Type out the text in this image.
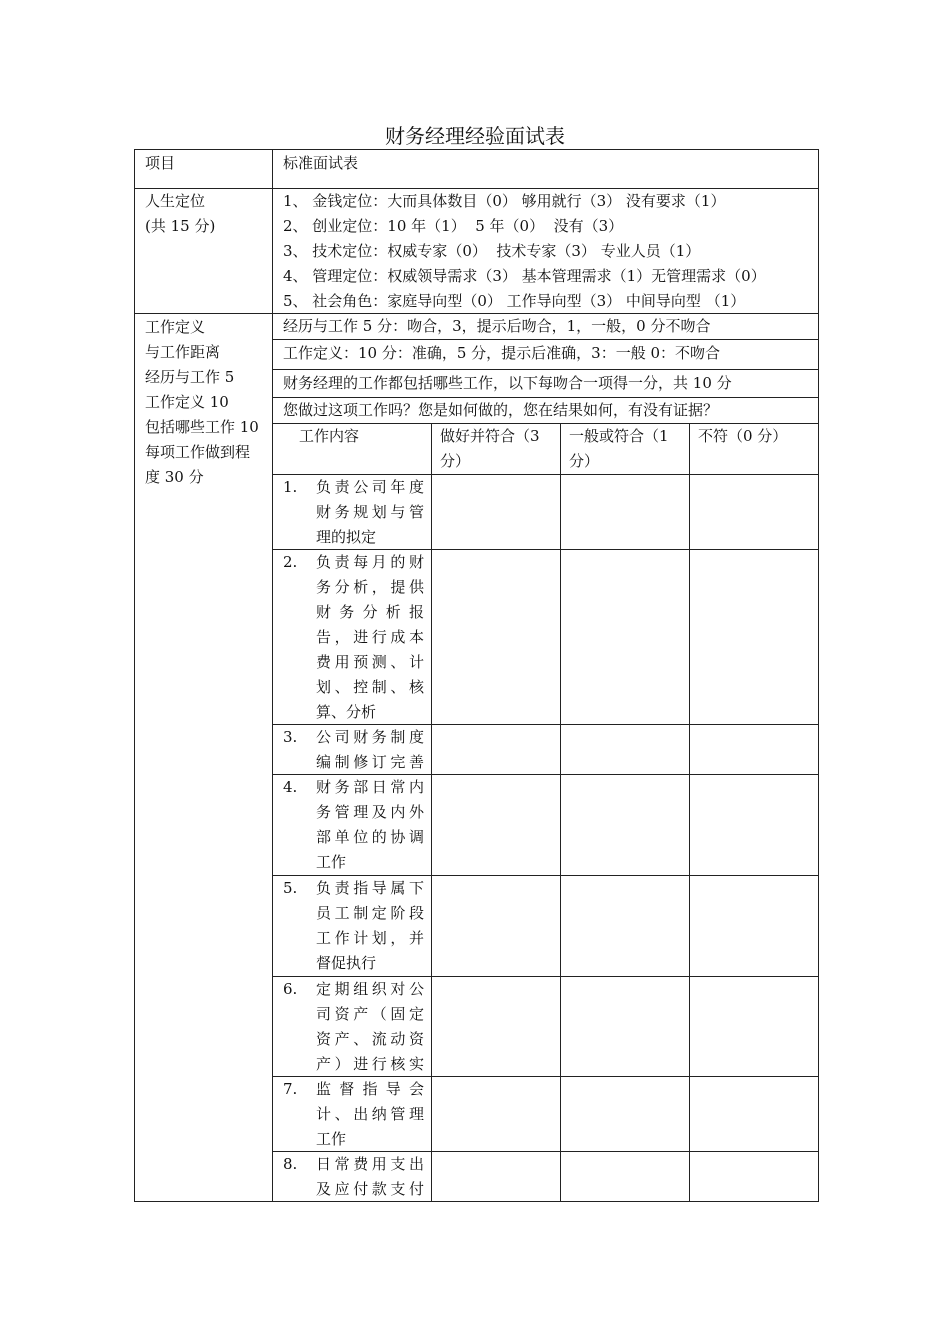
财务经理经验面试表
项目	标准面试表
人生定位
(共 15 分)
1、 金钱定位：大而具体数目（0） 够用就行（3） 没有要求（1）
2、 创业定位：10 年（1）  5 年（0）  没有（3）
3、 技术定位：权威专家（0）  技术专家（3） 专业人员（1）
4、 管理定位：权威领导需求（3） 基本管理需求（1）无管理需求（0）
5、 社会角色：家庭导向型（0） 工作导向型（3） 中间导向型 （1）
工作定义
与工作距离
经历与工作 5
工作定义 10
包括哪些工作 10
每项工作做到程
度 30 分
经历与工作 5 分：吻合，3，提示后吻合，1，一般，0 分不吻合
工作定义：10 分：准确，5 分，提示后准确，3：一般 0：不吻合
财务经理的工作都包括哪些工作，以下每吻合一项得一分，共 10 分
您做过这项工作吗？您是如何做的，您在结果如何，有没有证据？
工作内容	做好并符合（3
分）
一般或符合（1
分）
不符（0 分）
1. 负责公司年度
财务规划与管
理的拟定
2. 负责每月的财
务分析，提供
财务分析报
告，进行成本
费用预测、计
划、控制、核
算、分析
3. 公司财务制度
编制修订完善
4. 财务部日常内
务管理及内外
部单位的协调
工作
5. 负责指导属下
员工制定阶段
工作计划，并
督促执行
6. 定期组织对公
司资产（固定
资产、流动资
产）进行核实
7. 监督指导会
计、出纳管理
工作
8. 日常费用支出
及应付款支付
